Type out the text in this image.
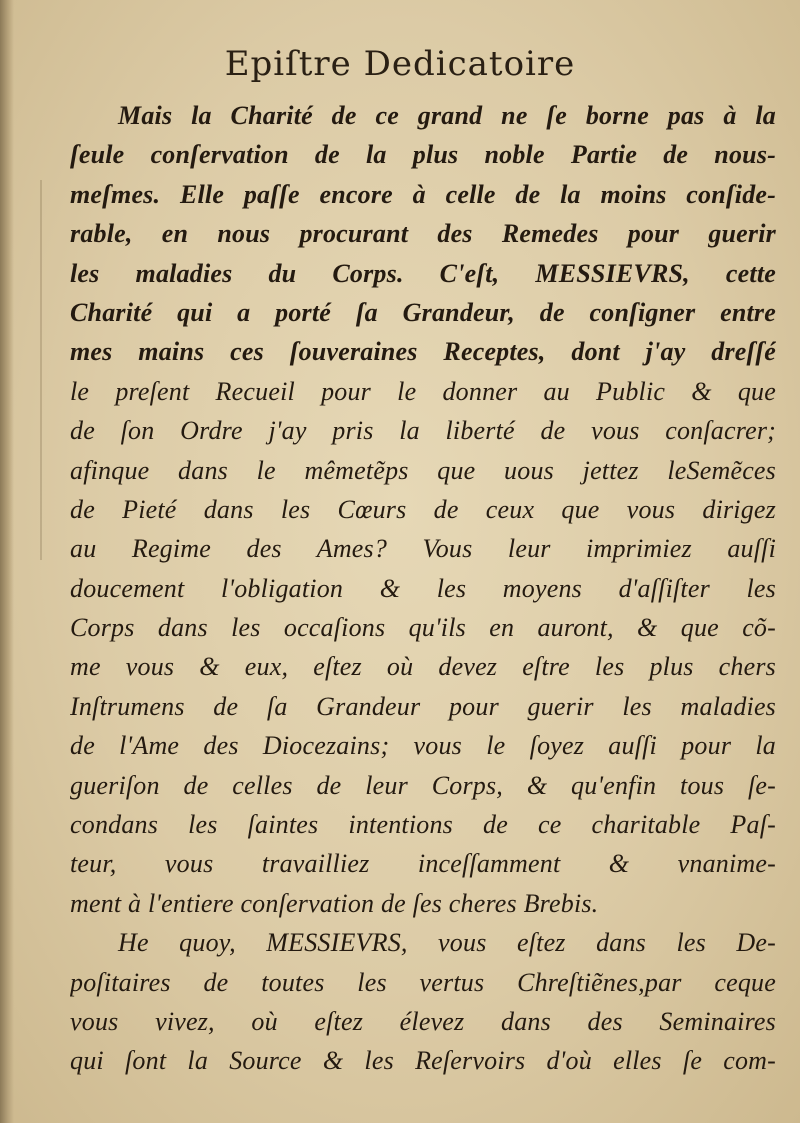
Epiſtre Dedicatoire
Mais la Charité de ce grand ne ſe borne pas à la
ſeule conſervation de la plus noble Partie de nous-
meſmes. Elle paſſe encore à celle de la moins conſide-
rable, en nous procurant des Remedes pour guerir
les maladies du Corps. C'eſt, MESSIEVRS, cette
Charité qui a porté ſa Grandeur, de conſigner entre
mes mains ces ſouveraines Receptes, dont j'ay dreſſé
le preſent Recueil pour le donner au Public & que
de ſon Ordre j'ay pris la liberté de vous conſacrer;
afinque dans le mêmetẽps que uous jettez leSemẽces
de Pieté dans les Cœurs de ceux que vous dirigez
au Regime des Ames? Vous leur imprimiez auſſi
doucement l'obligation & les moyens d'aſſiſter les
Corps dans les occaſions qu'ils en auront, & que cõ-
me vous & eux, eſtez où devez eſtre les plus chers
Inſtrumens de ſa Grandeur pour guerir les maladies
de l'Ame des Diocezains; vous le ſoyez auſſi pour la
gueriſon de celles de leur Corps, & qu'enfin tous ſe-
condans les ſaintes intentions de ce charitable Paſ-
teur, vous travailliez inceſſamment & vnanime-
ment à l'entiere conſervation de ſes cheres Brebis.
He quoy, MESSIEVRS, vous eſtez dans les De-
poſitaires de toutes les vertus Chreſtiẽnes,par ceque
vous vivez, où eſtez élevez dans des Seminaires
qui ſont la Source & les Reſervoirs d'où elles ſe com-
